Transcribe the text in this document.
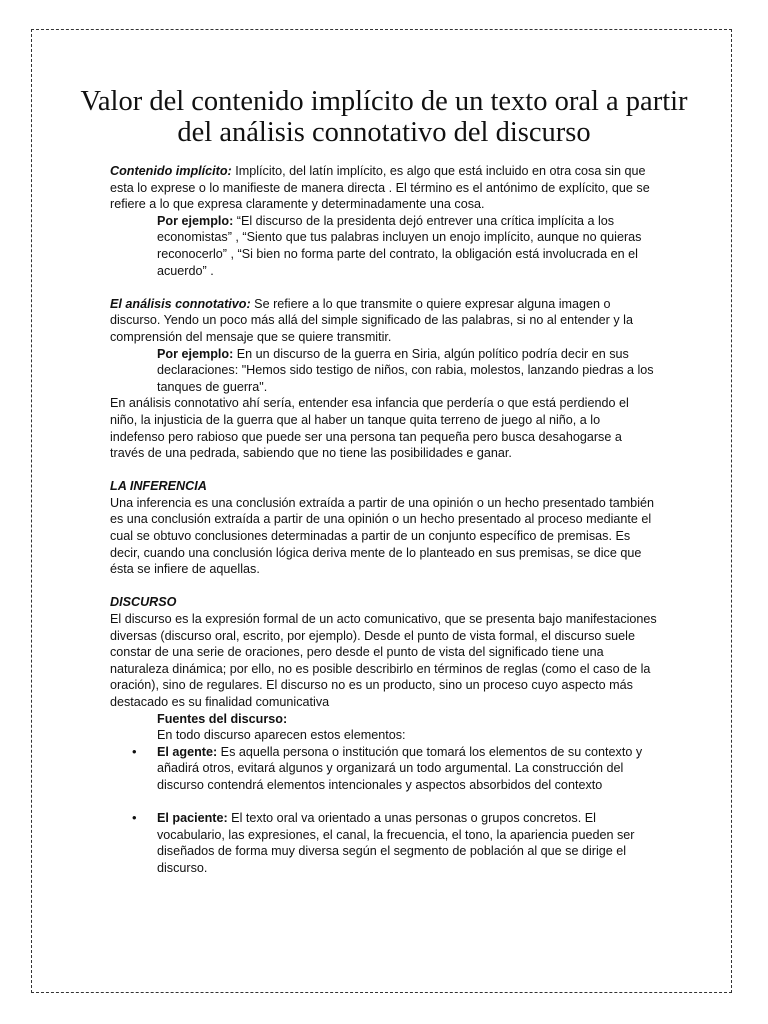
Valor del contenido implícito de un texto oral a partir del análisis connotativo del discurso

Contenido implícito: Implícito, del latín implícito, es algo que está incluido en otra cosa sin que esta lo exprese o lo manifieste de manera directa . El término es el antónimo de explícito, que se refiere a lo que expresa claramente y determinadamente una cosa.

Por ejemplo: “El discurso de la presidenta dejó entrever una crítica implícita a los economistas” , “Siento que tus palabras incluyen un enojo implícito, aunque no quieras reconocerlo” , “Si bien no forma parte del contrato, la obligación está involucrada en el acuerdo” .

El análisis connotativo: Se refiere a lo que transmite o quiere expresar alguna imagen o discurso. Yendo un poco más allá del simple significado de las palabras, si no al entender y la comprensión del mensaje que se quiere transmitir.

Por ejemplo: En un discurso de la guerra en Siria, algún político podría decir en sus declaraciones: "Hemos sido testigo de niños, con rabia, molestos, lanzando piedras a los tanques de guerra".

En análisis connotativo ahí sería, entender esa infancia que perdería o que está perdiendo el niño, la injusticia de la guerra que al haber un tanque quita terreno de juego al niño, a lo indefenso pero rabioso que puede ser una persona tan pequeña pero busca desahogarse a través de una pedrada, sabiendo que no tiene las posibilidades e ganar.

LA INFERENCIA

Una inferencia es una conclusión extraída a partir de una opinión o un hecho presentado también es una conclusión extraída a partir de una opinión o un hecho presentado al proceso mediante el cual se obtuvo conclusiones determinadas a partir de un conjunto específico de premisas. Es decir, cuando una conclusión lógica deriva mente de lo planteado en sus premisas, se dice que ésta se infiere de aquellas.

DISCURSO

El discurso es la expresión formal de un acto comunicativo, que se presenta bajo manifestaciones diversas (discurso oral, escrito, por ejemplo). Desde el punto de vista formal, el discurso suele constar de una serie de oraciones, pero desde el punto de vista del significado tiene una naturaleza dinámica; por ello, no es posible describirlo en términos de reglas (como el caso de la oración), sino de regulares. El discurso no es un producto, sino un proceso cuyo aspecto más destacado es su finalidad comunicativa

Fuentes del discurso:

En todo discurso aparecen estos elementos:

• El agente: Es aquella persona o institución que tomará los elementos de su contexto y añadirá otros, evitará algunos y organizará un todo argumental. La construcción del discurso contendrá elementos intencionales y aspectos absorbidos del contexto
• El paciente: El texto oral va orientado a unas personas o grupos concretos. El vocabulario, las expresiones, el canal, la frecuencia, el tono, la apariencia pueden ser diseñados de forma muy diversa según el segmento de población al que se dirige el discurso.
